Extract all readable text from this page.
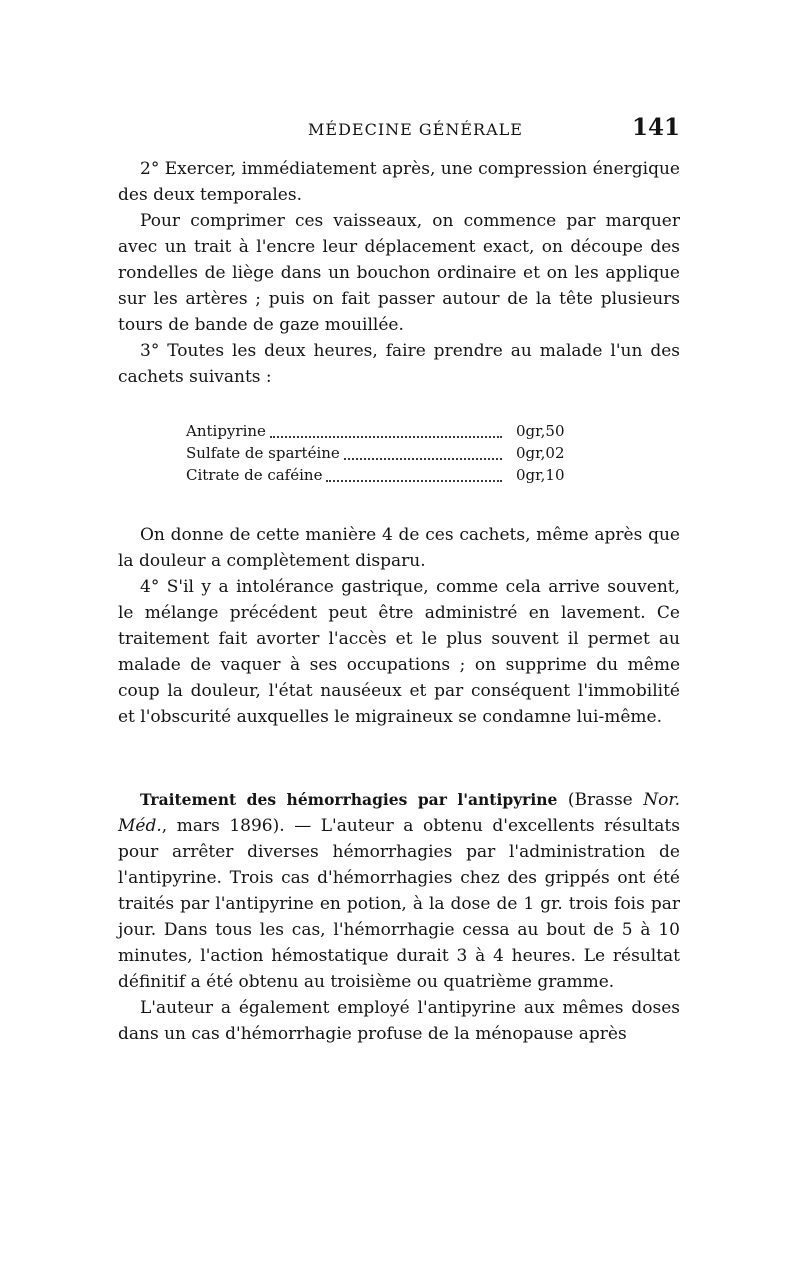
MÉDECINE GÉNÉRALE	141

2° Exercer, immédiatement après, une compression énergique des deux temporales.

Pour comprimer ces vaisseaux, on commence par marquer avec un trait à l'encre leur déplacement exact, on découpe des rondelles de liège dans un bouchon ordinaire et on les applique sur les artères ; puis on fait passer autour de la tête plusieurs tours de bande de gaze mouillée.

3° Toutes les deux heures, faire prendre au malade l'un des cachets suivants :

Antipyrine	0gr,50
Sulfate de spartéine	0gr,02
Citrate de caféine	0gr,10

On donne de cette manière 4 de ces cachets, même après que la douleur a complètement disparu.

4° S'il y a intolérance gastrique, comme cela arrive souvent, le mélange précédent peut être administré en lavement. Ce traitement fait avorter l'accès et le plus souvent il permet au malade de vaquer à ses occupations ; on supprime du même coup la douleur, l'état nauséeux et par conséquent l'immobilité et l'obscurité auxquelles le migraineux se condamne lui-même.

Traitement des hémorrhagies par l'antipyrine (Brasse Nor. Méd., mars 1896). — L'auteur a obtenu d'excellents résultats pour arrêter diverses hémorrhagies par l'administration de l'antipyrine. Trois cas d'hémorrhagies chez des grippés ont été traités par l'antipyrine en potion, à la dose de 1 gr. trois fois par jour. Dans tous les cas, l'hémorrhagie cessa au bout de 5 à 10 minutes, l'action hémostatique durait 3 à 4 heures. Le résultat définitif a été obtenu au troisième ou quatrième gramme.

L'auteur a également employé l'antipyrine aux mêmes doses dans un cas d'hémorrhagie profuse de la ménopause après
